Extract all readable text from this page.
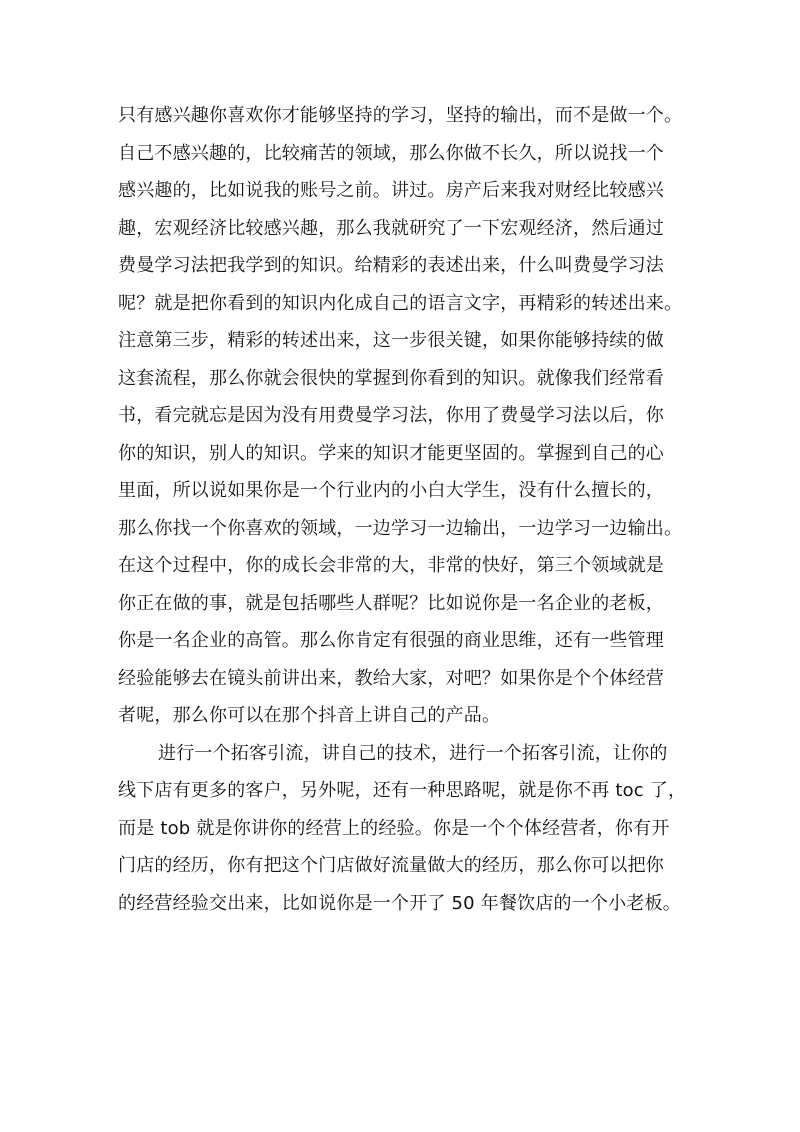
只有感兴趣你喜欢你才能够坚持的学习，坚持的输出，而不是做一个。
自己不感兴趣的，比较痛苦的领域，那么你做不长久，所以说找一个
感兴趣的，比如说我的账号之前。讲过。房产后来我对财经比较感兴
趣，宏观经济比较感兴趣，那么我就研究了一下宏观经济，然后通过
费曼学习法把我学到的知识。给精彩的表述出来，什么叫费曼学习法
呢？就是把你看到的知识内化成自己的语言文字，再精彩的转述出来。
注意第三步，精彩的转述出来，这一步很关键，如果你能够持续的做
这套流程，那么你就会很快的掌握到你看到的知识。就像我们经常看
书，看完就忘是因为没有用费曼学习法，你用了费曼学习法以后，你
你的知识，别人的知识。学来的知识才能更坚固的。掌握到自己的心
里面，所以说如果你是一个行业内的小白大学生，没有什么擅长的，
那么你找一个你喜欢的领域，一边学习一边输出，一边学习一边输出。
在这个过程中，你的成长会非常的大，非常的快好，第三个领域就是
你正在做的事，就是包括哪些人群呢？比如说你是一名企业的老板，
你是一名企业的高管。那么你肯定有很强的商业思维，还有一些管理
经验能够去在镜头前讲出来，教给大家，对吧？如果你是个个体经营
者呢，那么你可以在那个抖音上讲自己的产品。
进行一个拓客引流，讲自己的技术，进行一个拓客引流，让你的
线下店有更多的客户，另外呢，还有一种思路呢，就是你不再 toc 了，
而是 tob 就是你讲你的经营上的经验。你是一个个体经营者，你有开
门店的经历，你有把这个门店做好流量做大的经历，那么你可以把你
的经营经验交出来，比如说你是一个开了 50 年餐饮店的一个小老板。
